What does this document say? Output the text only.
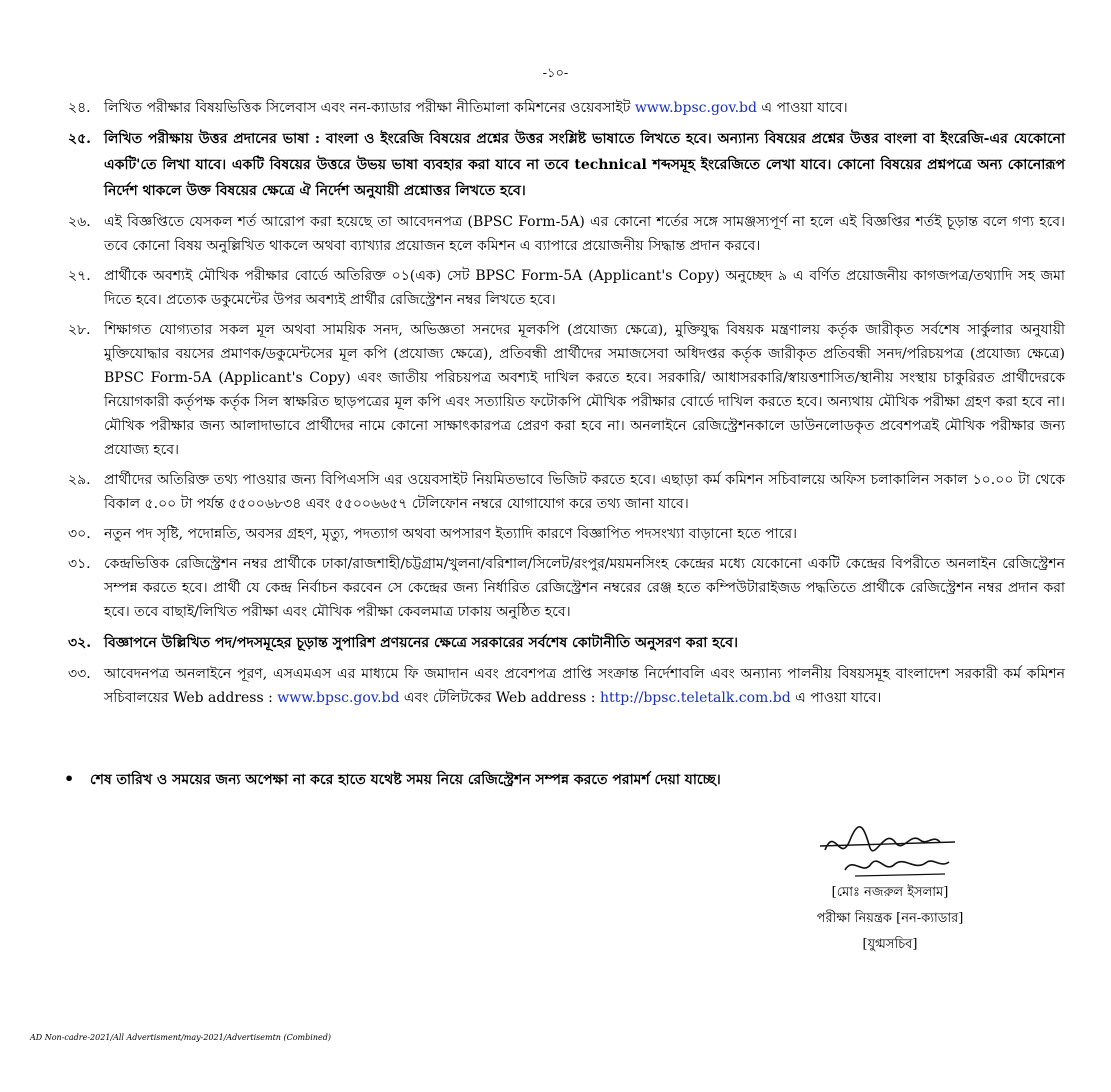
-১০-
২৪. লিখিত পরীক্ষার বিষয়ভিত্তিক সিলেবাস এবং নন-ক্যাডার পরীক্ষা নীতিমালা কমিশনের ওয়েবসাইট www.bpsc.gov.bd এ পাওয়া যাবে।
২৫. লিখিত পরীক্ষায় উত্তর প্রদানের ভাষা : বাংলা ও ইংরেজি বিষয়ের প্রশ্নের উত্তর সংশ্লিষ্ট ভাষাতে লিখতে হবে। অন্যান্য বিষয়ের প্রশ্নের উত্তর বাংলা বা ইংরেজি-এর যেকোনো একটি'তে লিখা যাবে। একটি বিষয়ের উত্তরে উভয় ভাষা ব্যবহার করা যাবে না তবে technical শব্দসমূহ ইংরেজিতে লেখা যাবে। কোনো বিষয়ের প্রশ্নপত্রে অন্য কোনোরূপ নির্দেশ থাকলে উক্ত বিষয়ের ক্ষেত্রে ঐ নির্দেশ অনুযায়ী প্রশ্নোত্তর লিখতে হবে।
২৬. এই বিজ্ঞপ্তিতে যেসকল শর্ত আরোপ করা হয়েছে তা আবেদনপত্র (BPSC Form-5A) এর কোনো শর্তের সঙ্গে সামঞ্জস্যপূর্ণ না হলে এই বিজ্ঞপ্তির শর্তই চূড়ান্ত বলে গণ্য হবে। তবে কোনো বিষয় অনুল্লিখিত থাকলে অথবা ব্যাখ্যার প্রয়োজন হলে কমিশন এ ব্যাপারে প্রয়োজনীয় সিদ্ধান্ত প্রদান করবে।
২৭. প্রার্থীকে অবশ্যই মৌখিক পরীক্ষার বোর্ডে অতিরিক্ত ০১(এক) সেট BPSC Form-5A (Applicant's Copy) অনুচ্ছেদ ৯ এ বর্ণিত প্রয়োজনীয় কাগজপত্র/তথ্যাদি সহ জমা দিতে হবে। প্রত্যেক ডকুমেন্টের উপর অবশ্যই প্রার্থীর রেজিস্ট্রেশন নম্বর লিখতে হবে।
২৮. শিক্ষাগত যোগ্যতার সকল মূল অথবা সাময়িক সনদ, অভিজ্ঞতা সনদের মূলকপি (প্রযোজ্য ক্ষেত্রে), মুক্তিযুদ্ধ বিষয়ক মন্ত্রণালয় কর্তৃক জারীকৃত সর্বশেষ সার্কুলার অনুযায়ী মুক্তিযোদ্ধার বয়সের প্রমাণক/ডকুমেন্টসের মূল কপি (প্রযোজ্য ক্ষেত্রে), প্রতিবন্ধী প্রার্থীদের সমাজসেবা অধিদপ্তর কর্তৃক জারীকৃত প্রতিবন্ধী সনদ/পরিচয়পত্র (প্রযোজ্য ক্ষেত্রে) BPSC Form-5A (Applicant's Copy) এবং জাতীয় পরিচয়পত্র অবশ্যই দাখিল করতে হবে। সরকারি/ আধাসরকারি/স্বায়ত্তশাসিত/স্থানীয় সংস্থায় চাকুরিরত প্রার্থীদেরকে নিয়োগকারী কর্তৃপক্ষ কর্তৃক সিল স্বাক্ষরিত ছাড়পত্রের মূল কপি এবং সত্যায়িত ফটোকপি মৌখিক পরীক্ষার বোর্ডে দাখিল করতে হবে। অন্যথায় মৌখিক পরীক্ষা গ্রহণ করা হবে না। মৌখিক পরীক্ষার জন্য আলাদাভাবে প্রার্থীদের নামে কোনো সাক্ষাৎকারপত্র প্রেরণ করা হবে না। অনলাইনে রেজিস্ট্রেশনকালে ডাউনলোডকৃত প্রবেশপত্রই মৌখিক পরীক্ষার জন্য প্রযোজ্য হবে।
২৯. প্রার্থীদের অতিরিক্ত তথ্য পাওয়ার জন্য বিপিএসসি এর ওয়েবসাইট নিয়মিতভাবে ভিজিট করতে হবে। এছাড়া কর্ম কমিশন সচিবালয়ে অফিস চলাকালিন সকাল ১০.০০ টা থেকে বিকাল ৫.০০ টা পর্যন্ত ৫৫০০৬৮৩৪ এবং ৫৫০০৬৬৫৭ টেলিফোন নম্বরে যোগাযোগ করে তথ্য জানা যাবে।
৩০. নতুন পদ সৃষ্টি, পদোন্নতি, অবসর গ্রহণ, মৃত্যু, পদত্যাগ অথবা অপসারণ ইত্যাদি কারণে বিজ্ঞাপিত পদসংখ্যা বাড়ানো হতে পারে।
৩১. কেন্দ্রভিত্তিক রেজিস্ট্রেশন নম্বর প্রার্থীকে ঢাকা/রাজশাহী/চট্টগ্রাম/খুলনা/বরিশাল/সিলেট/রংপুর/ময়মনসিংহ কেন্দ্রের মধ্যে যেকোনো একটি কেন্দ্রের বিপরীতে অনলাইন রেজিস্ট্রেশন সম্পন্ন করতে হবে। প্রার্থী যে কেন্দ্র নির্বাচন করবেন সে কেন্দ্রের জন্য নির্ধারিত রেজিস্ট্রেশন নম্বরের রেঞ্জ হতে কম্পিউটারাইজড পদ্ধতিতে প্রার্থীকে রেজিস্ট্রেশন নম্বর প্রদান করা হবে। তবে বাছাই/লিখিত পরীক্ষা এবং মৌখিক পরীক্ষা কেবলমাত্র ঢাকায় অনুষ্ঠিত হবে।
৩২. বিজ্ঞাপনে উল্লিখিত পদ/পদসমূহের চূড়ান্ত সুপারিশ প্রণয়নের ক্ষেত্রে সরকারের সর্বশেষ কোটানীতি অনুসরণ করা হবে।
৩৩. আবেদনপত্র অনলাইনে পূরণ, এসএমএস এর মাধ্যমে ফি জমাদান এবং প্রবেশপত্র প্রাপ্তি সংক্রান্ত নির্দেশাবলি এবং অন্যান্য পালনীয় বিষয়সমূহ বাংলাদেশ সরকারী কর্ম কমিশন সচিবালয়ের Web address : www.bpsc.gov.bd এবং টেলিটকের Web address : http://bpsc.teletalk.com.bd এ পাওয়া যাবে।
• শেষ তারিখ ও সময়ের জন্য অপেক্ষা না করে হাতে যথেষ্ট সময় নিয়ে রেজিস্ট্রেশন সম্পন্ন করতে পরামর্শ দেয়া যাচ্ছে।
[মোঃ নজরুল ইসলাম]
পরীক্ষা নিয়ন্ত্রক [নন-ক্যাডার]
[যুগ্মসচিব]
AD Non-cadre-2021/All Advertisment/may-2021/Advertisemtn (Combined)
